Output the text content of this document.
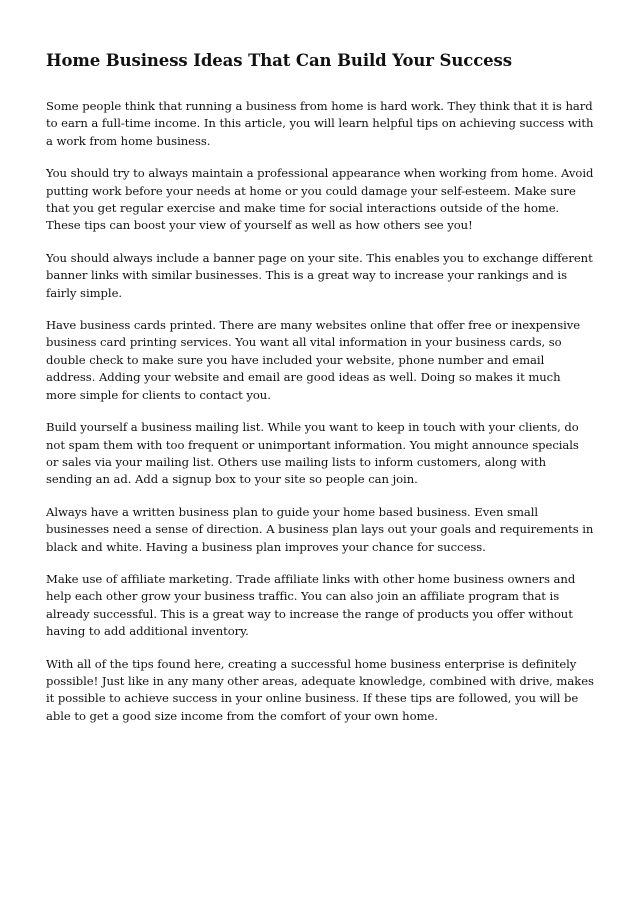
Home Business Ideas That Can Build Your Success

Some people think that running a business from home is hard work. They think that it is hard to earn a full-time income. In this article, you will learn helpful tips on achieving success with a work from home business.

You should try to always maintain a professional appearance when working from home. Avoid putting work before your needs at home or you could damage your self-esteem. Make sure that you get regular exercise and make time for social interactions outside of the home. These tips can boost your view of yourself as well as how others see you!

You should always include a banner page on your site. This enables you to exchange different banner links with similar businesses. This is a great way to increase your rankings and is fairly simple.

Have business cards printed. There are many websites online that offer free or inexpensive business card printing services. You want all vital information in your business cards, so double check to make sure you have included your website, phone number and email address. Adding your website and email are good ideas as well. Doing so makes it much more simple for clients to contact you.

Build yourself a business mailing list. While you want to keep in touch with your clients, do not spam them with too frequent or unimportant information. You might announce specials or sales via your mailing list. Others use mailing lists to inform customers, along with sending an ad. Add a signup box to your site so people can join.

Always have a written business plan to guide your home based business. Even small businesses need a sense of direction. A business plan lays out your goals and requirements in black and white. Having a business plan improves your chance for success.

Make use of affiliate marketing. Trade affiliate links with other home business owners and help each other grow your business traffic. You can also join an affiliate program that is already successful. This is a great way to increase the range of products you offer without having to add additional inventory.

With all of the tips found here, creating a successful home business enterprise is definitely possible! Just like in any many other areas, adequate knowledge, combined with drive, makes it possible to achieve success in your online business. If these tips are followed, you will be able to get a good size income from the comfort of your own home.
